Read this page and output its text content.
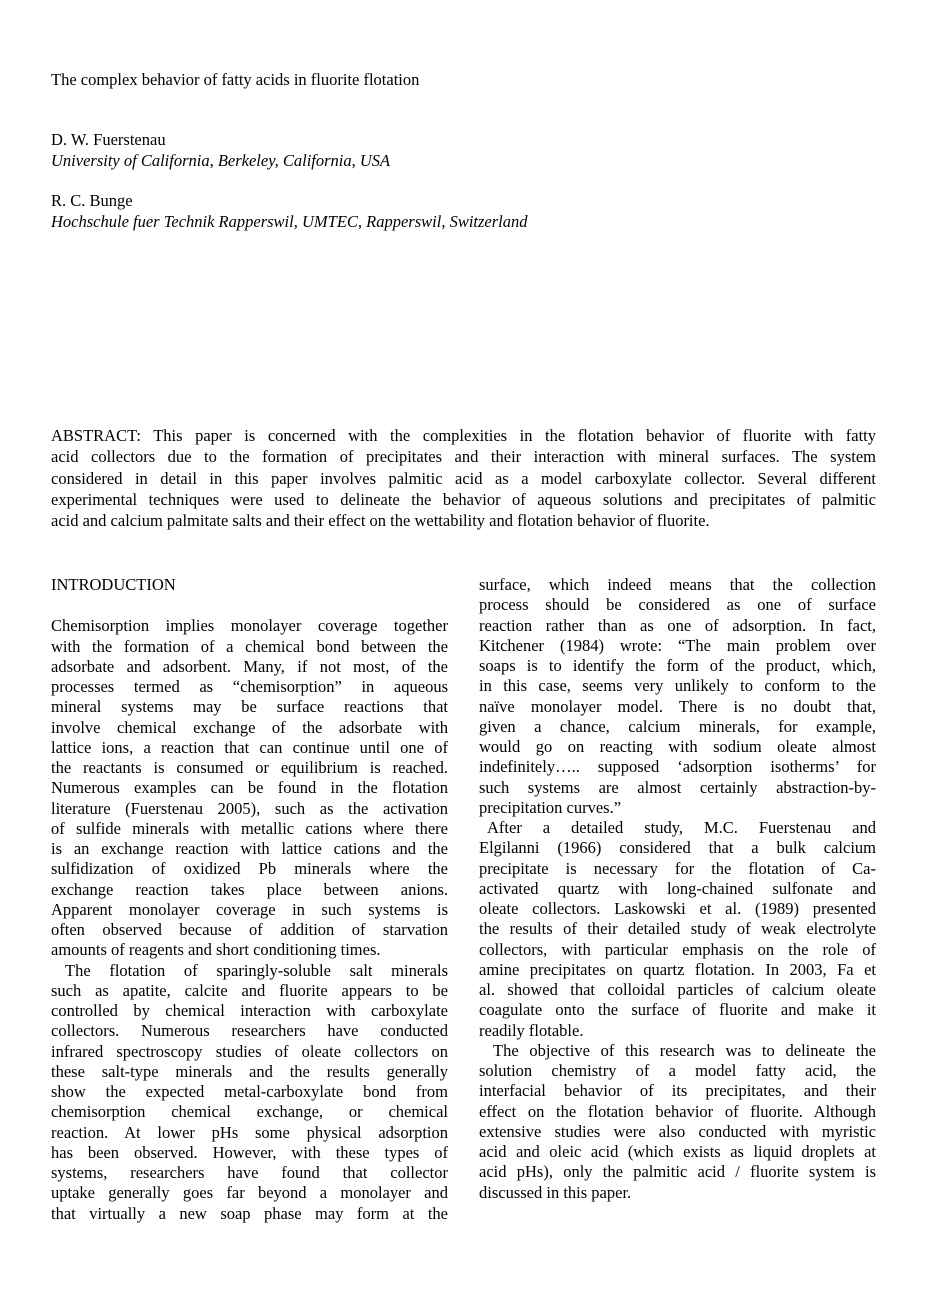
The complex behavior of fatty acids in fluorite flotation
D. W. Fuerstenau
University of California, Berkeley, California, USA
R. C. Bunge
Hochschule fuer Technik Rapperswil, UMTEC, Rapperswil, Switzerland
ABSTRACT: This paper is concerned with the complexities in the flotation behavior of fluorite with fatty
acid collectors due to the formation of precipitates and their interaction with mineral surfaces. The system
considered in detail in this paper involves palmitic acid as a model carboxylate collector. Several different
experimental techniques were used to delineate the behavior of aqueous solutions and precipitates of palmitic
acid and calcium palmitate salts and their effect on the wettability and flotation behavior of fluorite.
INTRODUCTION
Chemisorption implies monolayer coverage together
with the formation of a chemical bond between the
adsorbate and adsorbent. Many, if not most, of the
processes termed as “chemisorption” in aqueous
mineral systems may be surface reactions that
involve chemical exchange of the adsorbate with
lattice ions, a reaction that can continue until one of
the reactants is consumed or equilibrium is reached.
Numerous examples can be found in the flotation
literature (Fuerstenau 2005), such as the activation
of sulfide minerals with metallic cations where there
is an exchange reaction with lattice cations and the
sulfidization of oxidized Pb minerals where the
exchange reaction takes place between anions.
Apparent monolayer coverage in such systems is
often observed because of addition of starvation
amounts of reagents and short conditioning times.
The flotation of sparingly-soluble salt minerals
such as apatite, calcite and fluorite appears to be
controlled by chemical interaction with carboxylate
collectors. Numerous researchers have conducted
infrared spectroscopy studies of oleate collectors on
these salt-type minerals and the results generally
show the expected metal-carboxylate bond from
chemisorption chemical exchange, or chemical
reaction. At lower pHs some physical adsorption
has been observed. However, with these types of
systems, researchers have found that collector
uptake generally goes far beyond a monolayer and
that virtually a new soap phase may form at the
surface, which indeed means that the collection
process should be considered as one of surface
reaction rather than as one of adsorption. In fact,
Kitchener (1984) wrote: “The main problem over
soaps is to identify the form of the product, which,
in this case, seems very unlikely to conform to the
naïve monolayer model. There is no doubt that,
given a chance, calcium minerals, for example,
would go on reacting with sodium oleate almost
indefinitely….. supposed ‘adsorption isotherms’ for
such systems are almost certainly abstraction-by-
precipitation curves.”
After a detailed study, M.C. Fuerstenau and
Elgilanni (1966) considered that a bulk calcium
precipitate is necessary for the flotation of Ca-
activated quartz with long-chained sulfonate and
oleate collectors. Laskowski et al. (1989) presented
the results of their detailed study of weak electrolyte
collectors, with particular emphasis on the role of
amine precipitates on quartz flotation. In 2003, Fa et
al. showed that colloidal particles of calcium oleate
coagulate onto the surface of fluorite and make it
readily flotable.
The objective of this research was to delineate the
solution chemistry of a model fatty acid, the
interfacial behavior of its precipitates, and their
effect on the flotation behavior of fluorite. Although
extensive studies were also conducted with myristic
acid and oleic acid (which exists as liquid droplets at
acid pHs), only the palmitic acid / fluorite system is
discussed in this paper.
